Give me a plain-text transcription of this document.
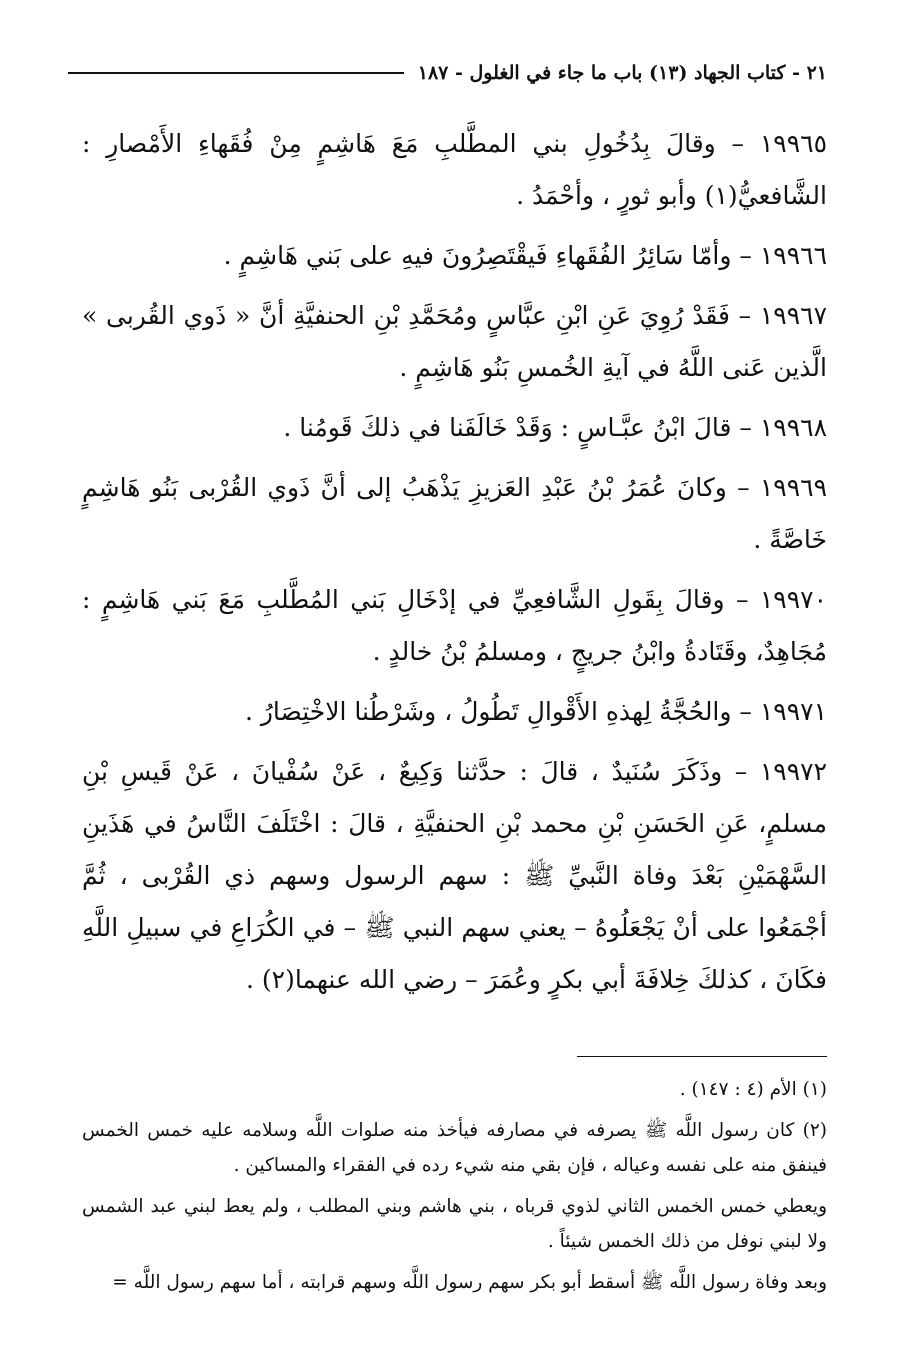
٢١ - كتاب الجهاد (١٣) باب ما جاء في الغلول - ١٨٧

١٩٩٦٥ – وقالَ بِدُخُولِ بني المطَّلبِ مَعَ هَاشِمٍ مِنْ فُقَهاءِ الأَمْصارِ : الشَّافعيُّ(١) وأبو ثورٍ ، وأحْمَدُ .

١٩٩٦٦ – وأمّا سَائِرُ الفُقَهاءِ فَيقْتَصِرُونَ فيهِ على بَني هَاشِمٍ .

١٩٩٦٧ – فَقَدْ رُوِيَ عَنِ ابْنِ عبَّاسٍ ومُحَمَّدِ بْنِ الحنفيَّةِ أنَّ « ذَوي القُربى » الَّذين عَنى اللَّهُ في آيةِ الخُمسِ بَنُو هَاشِمٍ .

١٩٩٦٨ – قالَ ابْنُ عبَّـاسٍ : وَقَدْ خَالَفَنا في ذلكَ قَومُنا .

١٩٩٦٩ – وكانَ عُمَرُ بْنُ عَبْدِ العَزيزِ يَذْهَبُ إلى أنَّ ذَوي القُرْبى بَنُو هَاشِمٍ خَاصَّةً .

١٩٩٧٠ – وقالَ بِقَولِ الشَّافعِيِّ في إدْخَالِ بَني المُطَّلبِ مَعَ بَني هَاشِمٍ : مُجَاهِدٌ، وقَتَادةُ وابْنُ جريجٍ ، ومسلمُ بْنُ خالدٍ .

١٩٩٧١ – والحُجَّةُ لِهذهِ الأَقْوالِ تَطُولُ ، وشَرْطُنا الاخْتِصَارُ .

١٩٩٧٢ – وذَكَرَ سُنَيدٌ ، قالَ : حدَّثنا وَكِيعٌ ، عَنْ سُفْيانَ ، عَنْ قَيسِ بْنِ مسلمٍ، عَنِ الحَسَنِ بْنِ محمد بْنِ الحنفيَّةِ ، قالَ : اخْتَلَفَ النَّاسُ في هَذَينِ السَّهْمَيْنِ بَعْدَ وفاة النَّبيِّ ﷺ : سهم الرسول وسهم ذي القُرْبى ، ثُمَّ أجْمَعُوا على أنْ يَجْعَلُوهُ – يعني سهم النبي ﷺ – في الكُرَاعِ في سبيلِ اللَّهِ فكَانَ ، كذلكَ خِلافَةَ أبي بكرٍ وعُمَرَ – رضي الله عنهما(٢) .

(١) الأم (٤ : ١٤٧) .

(٢) كان رسول اللَّه ﷺ يصرفه في مصارفه فيأخذ منه صلوات اللَّه وسلامه عليه خمس الخمس فينفق منه على نفسه وعياله ، فإن بقي منه شيء رده في الفقراء والمساكين .

ويعطي خمس الخمس الثاني لذوي قرباه ، بني هاشم وبني المطلب ، ولم يعط لبني عبد الشمس ولا لبني نوفل من ذلك الخمس شيئاً .

وبعد وفاة رسول اللَّه ﷺ أسقط أبو بكر سهم رسول اللَّه وسهم قرابته ، أما سهم رسول اللَّه =
